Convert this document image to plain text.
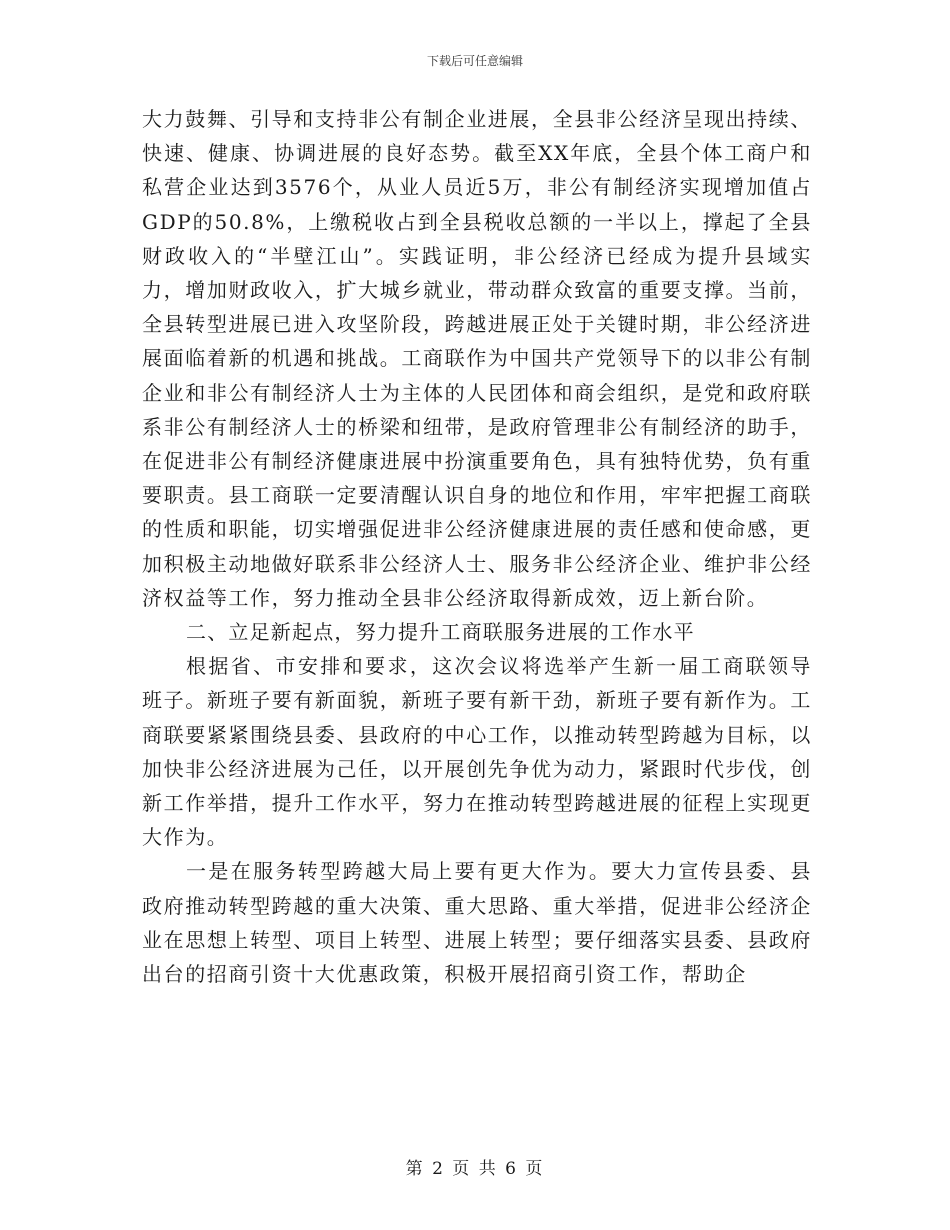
下载后可任意编辑

大力鼓舞、引导和支持非公有制企业进展，全县非公经济呈现出持续、快速、健康、协调进展的良好态势。截至XX年底，全县个体工商户和私营企业达到3576个，从业人员近5万，非公有制经济实现增加值占GDP的50.8%，上缴税收占到全县税收总额的一半以上，撑起了全县财政收入的“半壁江山”。实践证明，非公经济已经成为提升县域实力，增加财政收入，扩大城乡就业，带动群众致富的重要支撑。当前，全县转型进展已进入攻坚阶段，跨越进展正处于关键时期，非公经济进展面临着新的机遇和挑战。工商联作为中国共产党领导下的以非公有制企业和非公有制经济人士为主体的人民团体和商会组织，是党和政府联系非公有制经济人士的桥梁和纽带，是政府管理非公有制经济的助手，在促进非公有制经济健康进展中扮演重要角色，具有独特优势，负有重要职责。县工商联一定要清醒认识自身的地位和作用，牢牢把握工商联的性质和职能，切实增强促进非公经济健康进展的责任感和使命感，更加积极主动地做好联系非公经济人士、服务非公经济企业、维护非公经济权益等工作，努力推动全县非公经济取得新成效，迈上新台阶。

二、立足新起点，努力提升工商联服务进展的工作水平

根据省、市安排和要求，这次会议将选举产生新一届工商联领导班子。新班子要有新面貌，新班子要有新干劲，新班子要有新作为。工商联要紧紧围绕县委、县政府的中心工作，以推动转型跨越为目标，以加快非公经济进展为己任，以开展创先争优为动力，紧跟时代步伐，创新工作举措，提升工作水平，努力在推动转型跨越进展的征程上实现更大作为。

一是在服务转型跨越大局上要有更大作为。要大力宣传县委、县政府推动转型跨越的重大决策、重大思路、重大举措，促进非公经济企业在思想上转型、项目上转型、进展上转型；要仔细落实县委、县政府出台的招商引资十大优惠政策，积极开展招商引资工作，帮助企

第 2 页 共 6 页
